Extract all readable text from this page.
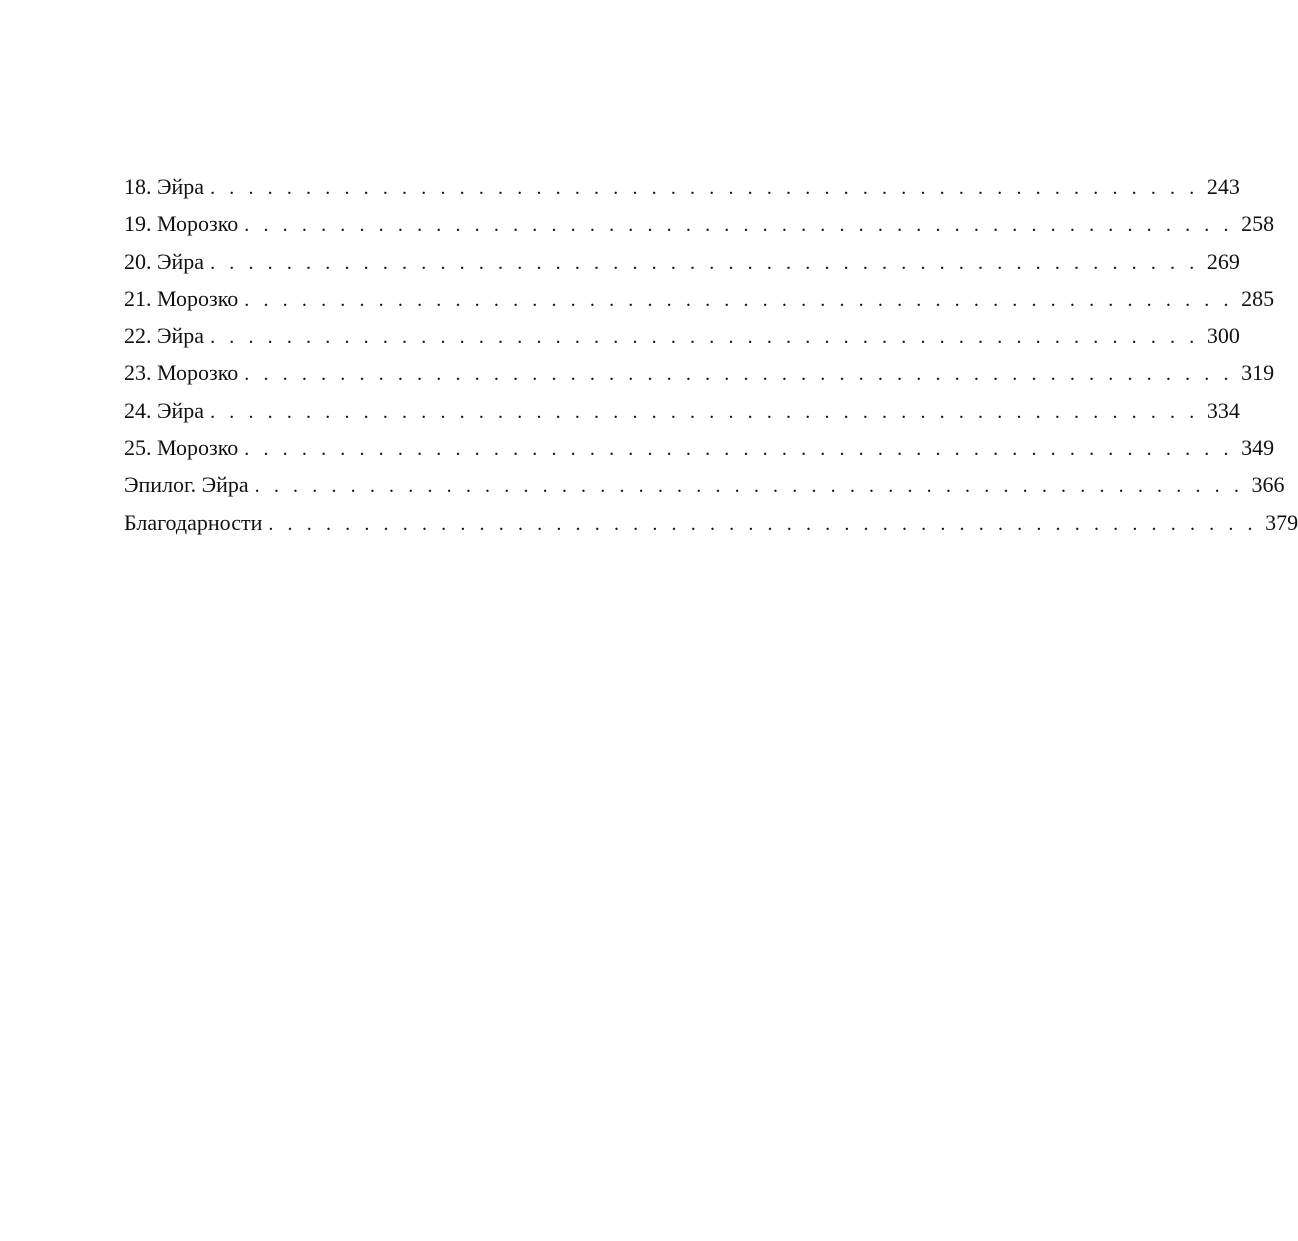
18. Эйра . . . . . . . . . . . . . . . . . . . . . . . . . . . . . . . . . . . . . . . . . . . . . . . . . . . . 243
19. Морозко . . . . . . . . . . . . . . . . . . . . . . . . . . . . . . . . . . . . . . . . . . . . . . . . . . . . 258
20. Эйра . . . . . . . . . . . . . . . . . . . . . . . . . . . . . . . . . . . . . . . . . . . . . . . . . . . . 269
21. Морозко . . . . . . . . . . . . . . . . . . . . . . . . . . . . . . . . . . . . . . . . . . . . . . . . . . . . 285
22. Эйра . . . . . . . . . . . . . . . . . . . . . . . . . . . . . . . . . . . . . . . . . . . . . . . . . . . . 300
23. Морозко . . . . . . . . . . . . . . . . . . . . . . . . . . . . . . . . . . . . . . . . . . . . . . . . . . . . 319
24. Эйра . . . . . . . . . . . . . . . . . . . . . . . . . . . . . . . . . . . . . . . . . . . . . . . . . . . . 334
25. Морозко . . . . . . . . . . . . . . . . . . . . . . . . . . . . . . . . . . . . . . . . . . . . . . . . . . . . 349
Эпилог. Эйра . . . . . . . . . . . . . . . . . . . . . . . . . . . . . . . . . . . . . . . . . . . . . . . . . . . . 366
Благодарности . . . . . . . . . . . . . . . . . . . . . . . . . . . . . . . . . . . . . . . . . . . . . . . . . . . . 379
